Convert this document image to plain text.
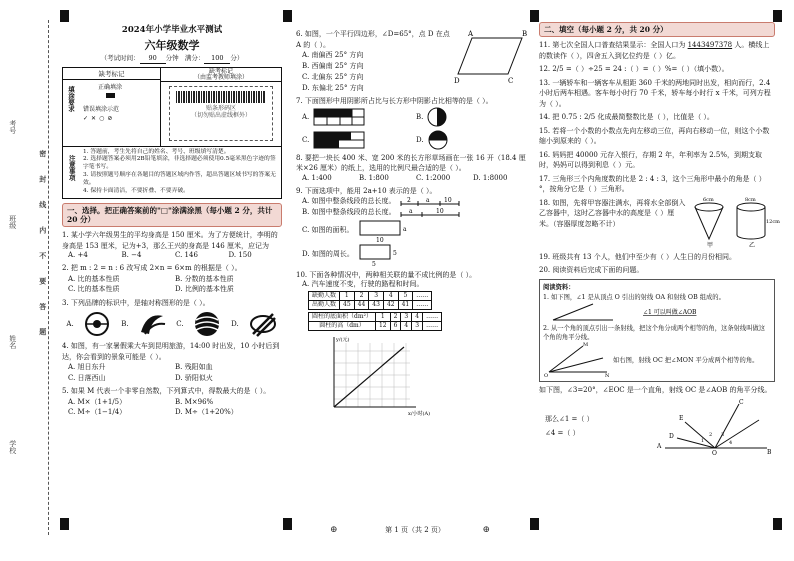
考号
班级
姓名
学校
密 封 线 内 不 要 答 题
2024年小学毕业水平测试
六年级数学
（考试时间： 90 分钟 满分： 100 分）
缺考标记
填涂要求	正确填涂
错误填涂示范
✓ ✕ ○ ⊘
缺考标记
（由监考教师填涂）
贴条形码区
（切勿贴出虚线框外）
注意事项
1. 答题前，考生先将自己的姓名、考号、班级填写清楚。
2. 选择题答案必须用2B铅笔填涂，非选择题必须使用0.5毫米黑色字迹的签字笔书写。
3. 请按照题号顺序在各题目的答题区域内作答，超出答题区域书写的答案无效。
4. 保持卡面清洁，不要折叠、不要弄破。
一、选择。把正确答案前的"□"涂满涂黑（每小题 2 分，共计 20 分）
1. 某小学六年级男生的平均身高是 150 厘米。为了方便统计，李明的身高是 153 厘米，记为+3，那么王兴的身高是 146 厘米，应记为
A. +4	B. −4	C. 146	D. 150
2. 把 m : 2 = n : 6 改写成 2×n = 6×m 的根据是（ ）。
A. 比的基本性质	B. 分数的基本性质
C. 比的基本性质	D. 比例的基本性质
3. 下列品牌的标识中，是轴对称图形的是（ ）。
A.	B.	C.	D.
4. 如图，有一家暑假乘大车到昆明旅游，14:00 时出发，10 小时后到达，你会看到的景象可能是（ ）。
A. 旭日东升	B. 残阳如血
C. 日落西山	D. 骄阳似火
5. 如果 M 代表一个非零自然数，下列算式中，得数最大的是（ ）。
A. M×（1+1/5）	B. M×96%
C. M÷（1−1/4）	D. M÷（1+20%）
6. 如图，一个平行四边形，∠D=65°，点 D 在点 A 的（ ）。
A. 南偏西 25° 方向
B. 西偏南 25° 方向
C. 北偏东 25° 方向
D. 东偏北 25° 方向
A	B
C
D
7. 下面图形中用阴影所占比与长方形中阴影占比相等的是（ ）。
A.	B.
C.	D.
8. 要把一块长 400 米、宽 200 米的长方形草场画在一张 16 开（18.4 厘米×26 厘米）的纸上，选用的比例尺最合适的是（ ）。
A. 1:400	B. 1:800	C. 1:2000	D. 1:8000
9. 下面选项中，能用 2a+10 表示的是（ ）。
A. 如图中整条线段的总长度。 2	a 10
B. 如图中整条线段的总长度。 a	10
C. 如图的面积。	a
10
D. 如图的周长。	5
5
10. 下面各种情况中，两种相关联的量不成比例的是（ ）。
A. 汽车速度不变，行驶的路程和时间。
缺勤人数	1	2	3	4	5	……
出勤人数	45	44	43	42	41	……
圆柱的底面积（dm²）	1	2	3	4	……
圆柱的高（dm）	12	6	4	3	……
y/(元)
x/小时(A)
二、填空（每小题 2 分，共 20 分）
11. 第七次全国人口普查结果显示：全国人口为 1443497378 人。横线上的数读作（ ），四舍五入到亿位约是（ ）亿。
12. 2/5 =（ ）÷25 = 24 :（ ）=（ ）%=（ ）（填小数）。
13. 一辆轿车和一辆客车从相距 360 千米的两地同时出发，相向而行，2.4 小时后两车相遇。客车每小时行 70 千米，轿车每小时行 x 千米，可列方程为（ ）。
14. 把 0.75 : 2/5 化成最简整数比是（ ），比值是（ ）。
15. 若将一个小数的小数点先向左移动三位，再向右移动一位，则这个小数缩小到原来的（ ）。
16. 妈妈把 40000 元存入银行，存期 2 年，年利率为 2.5%，到期支取时，妈妈可以得到利息（ ）元。
17. 三角形三个内角度数的比是 2 : 4 : 3，这个三角形中最小的角是（ ）°，按角分它是（ ）三角形。
18. 如图，先将甲容器注满水，再将水全部倒入乙容器中，这时乙容器中水的高度是（ ）厘米。（容器厚度忽略不计）
6cm
甲
8cm
12cm
乙
19. 班级共有 13 个人，他们中至少有（ ）人生日的月份相同。
20. 阅读资料后完成下面的问题。
阅读资料：
1. 如下图，∠1 是从顶点 O 引出的射线 OA 和射线 OB 组成的。
∠1 可以叫做∠AOB
2. 从一个角的顶点引出一条射线，把这个角分成两个相等的角，这条射线叫做这个角的角平分线。
M
N
O
如右图，射线 OC 把∠MON 平分成两个相等的角。
如下图，∠3=20°，∠EOC 是一个直角，射线 OC 是∠AOB 的角平分线。
那么∠1 =（ ）
∠4 =（ ）
A
B
O
D
E
C
1
2 3
4
⊕	第 1 页（共 2 页）	⊕
